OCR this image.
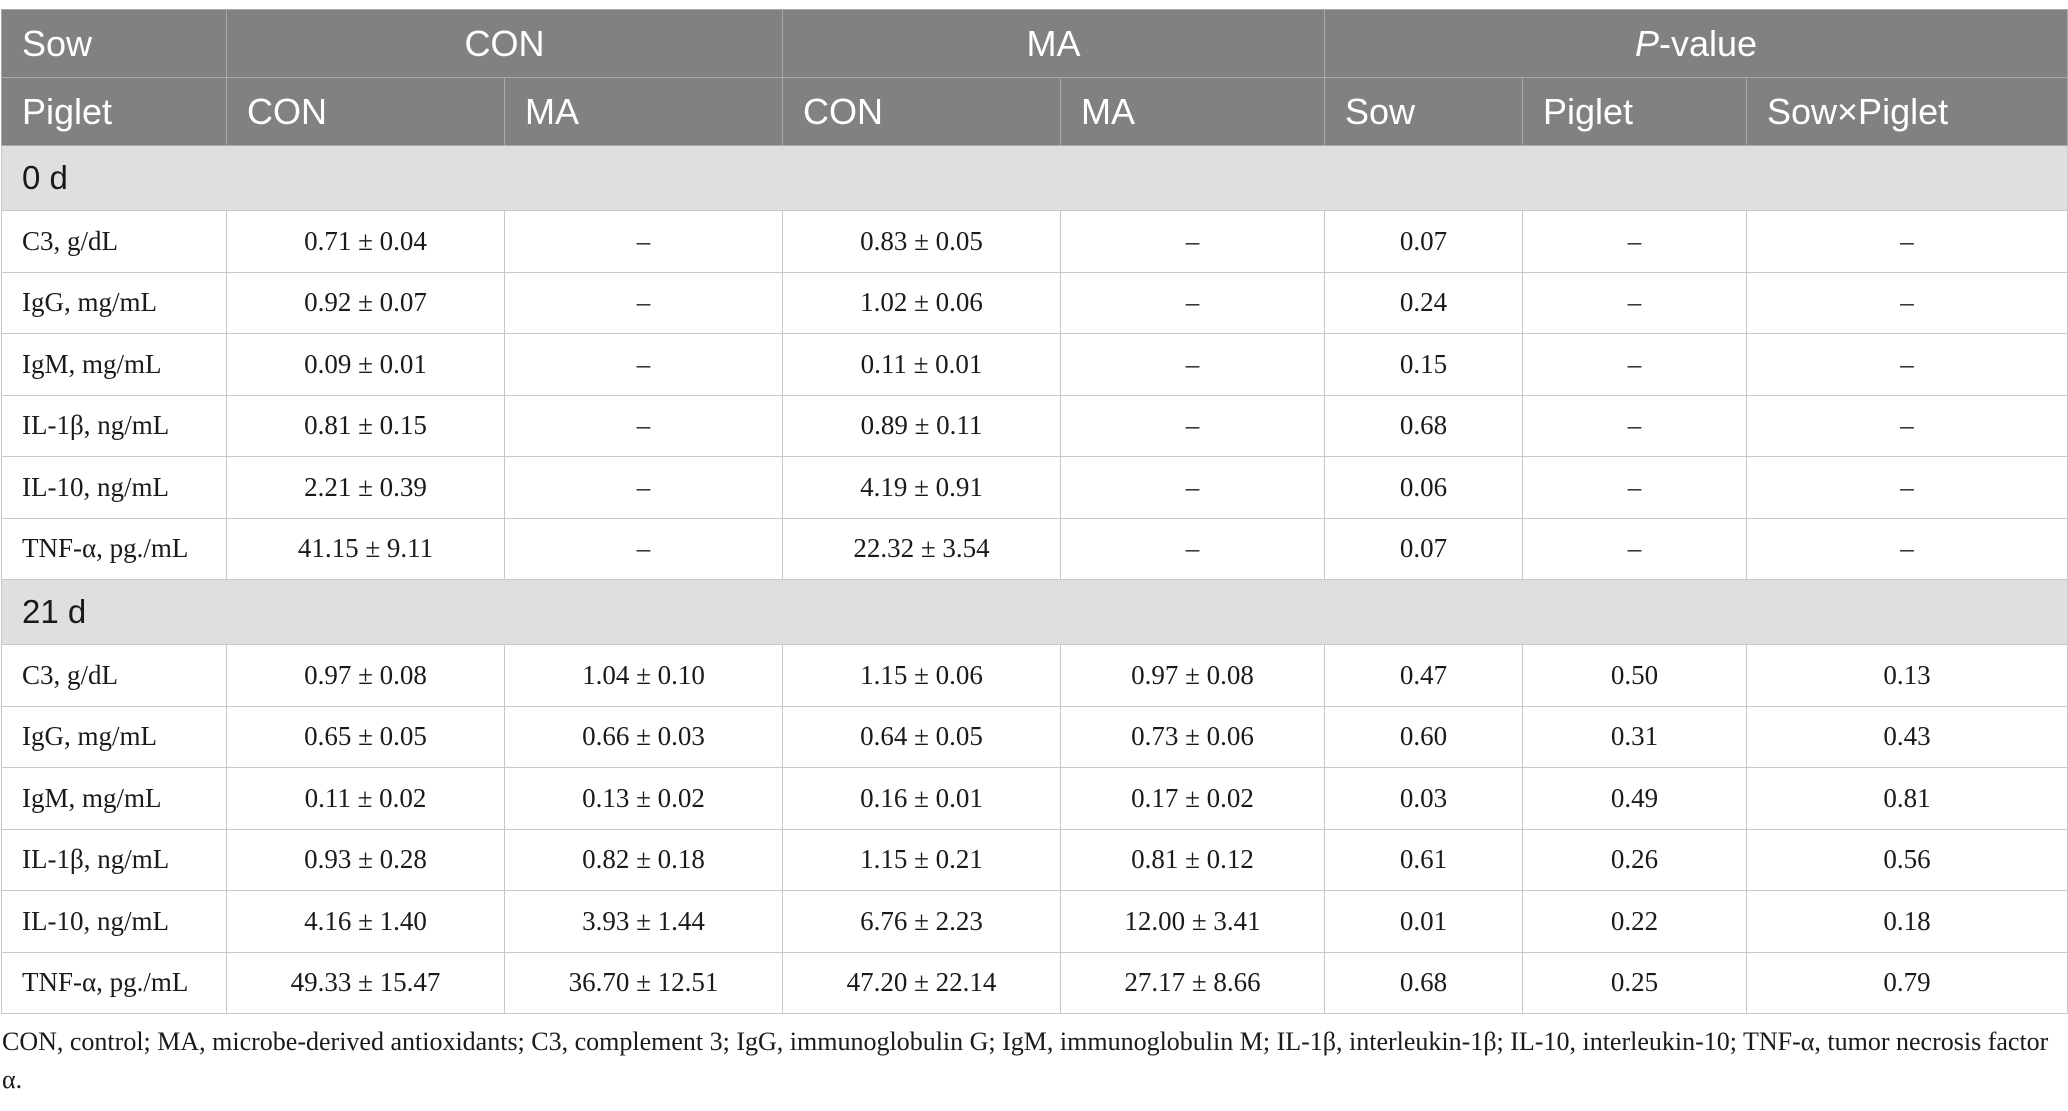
Sow	CON		MA		P-value		
Piglet	CON	MA	CON	MA	Sow	Piglet	Sow×Piglet
0 d							
C3, g/dL	0.71 ± 0.04	–	0.83 ± 0.05	–	0.07	–	–
IgG, mg/mL	0.92 ± 0.07	–	1.02 ± 0.06	–	0.24	–	–
IgM, mg/mL	0.09 ± 0.01	–	0.11 ± 0.01	–	0.15	–	–
IL-1β, ng/mL	0.81 ± 0.15	–	0.89 ± 0.11	–	0.68	–	–
IL-10, ng/mL	2.21 ± 0.39	–	4.19 ± 0.91	–	0.06	–	–
TNF-α, pg./mL	41.15 ± 9.11	–	22.32 ± 3.54	–	0.07	–	–
21 d							
C3, g/dL	0.97 ± 0.08	1.04 ± 0.10	1.15 ± 0.06	0.97 ± 0.08	0.47	0.50	0.13
IgG, mg/mL	0.65 ± 0.05	0.66 ± 0.03	0.64 ± 0.05	0.73 ± 0.06	0.60	0.31	0.43
IgM, mg/mL	0.11 ± 0.02	0.13 ± 0.02	0.16 ± 0.01	0.17 ± 0.02	0.03	0.49	0.81
IL-1β, ng/mL	0.93 ± 0.28	0.82 ± 0.18	1.15 ± 0.21	0.81 ± 0.12	0.61	0.26	0.56
IL-10, ng/mL	4.16 ± 1.40	3.93 ± 1.44	6.76 ± 2.23	12.00 ± 3.41	0.01	0.22	0.18
TNF-α, pg./mL	49.33 ± 15.47	36.70 ± 12.51	47.20 ± 22.14	27.17 ± 8.66	0.68	0.25	0.79

CON, control; MA, microbe-derived antioxidants; C3, complement 3; IgG, immunoglobulin G; IgM, immunoglobulin M; IL-1β, interleukin-1β; IL-10, interleukin-10; TNF-α, tumor necrosis factor α.
